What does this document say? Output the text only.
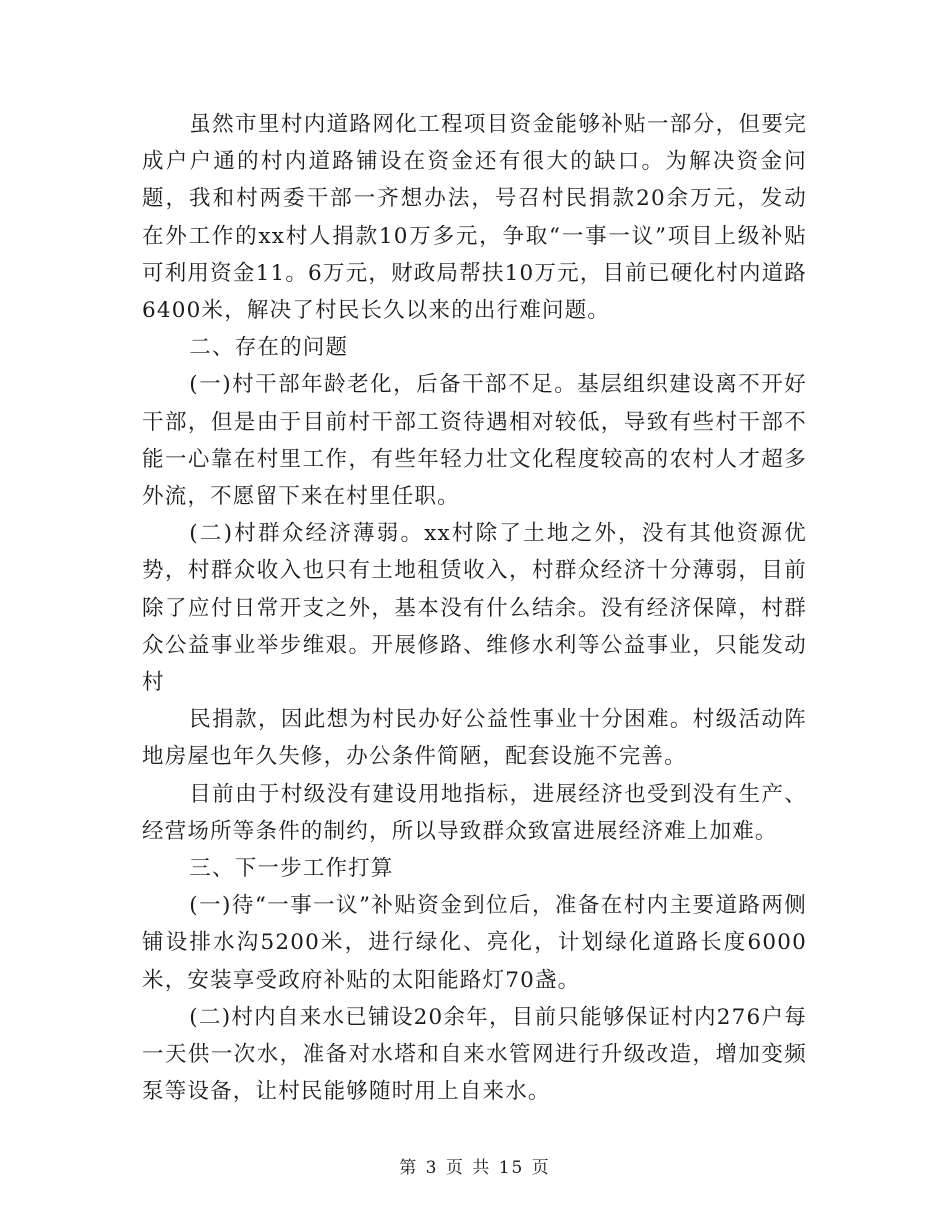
虽然市里村内道路网化工程项目资金能够补贴一部分，但要完成户户通的村内道路铺设在资金还有很大的缺口。为解决资金问题，我和村两委干部一齐想办法，号召村民捐款20余万元，发动在外工作的xx村人捐款10万多元，争取“一事一议”项目上级补贴可利用资金11。6万元，财政局帮扶10万元，目前已硬化村内道路6400米，解决了村民长久以来的出行难问题。

二、存在的问题

(一)村干部年龄老化，后备干部不足。基层组织建设离不开好干部，但是由于目前村干部工资待遇相对较低，导致有些村干部不能一心靠在村里工作，有些年轻力壮文化程度较高的农村人才超多外流，不愿留下来在村里任职。

(二)村群众经济薄弱。xx村除了土地之外，没有其他资源优势，村群众收入也只有土地租赁收入，村群众经济十分薄弱，目前除了应付日常开支之外，基本没有什么结余。没有经济保障，村群众公益事业举步维艰。开展修路、维修水利等公益事业，只能发动村

民捐款，因此想为村民办好公益性事业十分困难。村级活动阵地房屋也年久失修，办公条件简陋，配套设施不完善。

目前由于村级没有建设用地指标，进展经济也受到没有生产、经营场所等条件的制约，所以导致群众致富进展经济难上加难。

三、下一步工作打算

(一)待“一事一议”补贴资金到位后，准备在村内主要道路两侧铺设排水沟5200米，进行绿化、亮化，计划绿化道路长度6000米，安装享受政府补贴的太阳能路灯70盏。

(二)村内自来水已铺设20余年，目前只能够保证村内276户每一天供一次水，准备对水塔和自来水管网进行升级改造，增加变频泵等设备，让村民能够随时用上自来水。

第 3 页 共 15 页
